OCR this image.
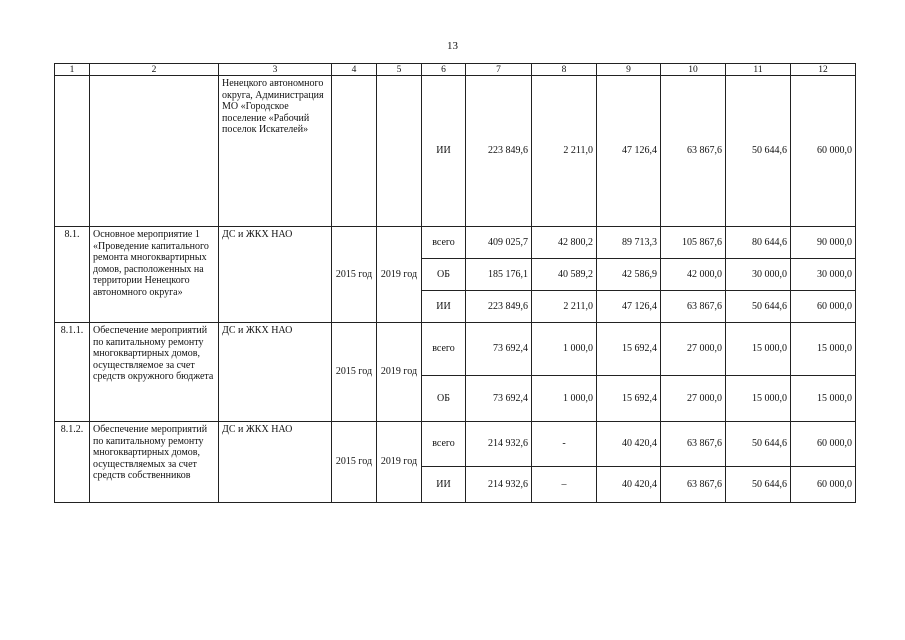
13
1	2	3	4	5	6	7	8	9	10	11	12
		Ненецкого автономного округа, Администрация МО «Городское поселение «Рабочий поселок Искателей»			ИИ	223 849,6	2 211,0	47 126,4	63 867,6	50 644,6	60 000,0
8.1.	Основное мероприятие 1 «Проведение капитального ремонта многоквартирных домов, расположенных на территории Ненецкого автономного округа»	ДС и ЖКХ НАО	2015 год	2019 год	всего	409 025,7	42 800,2	89 713,3	105 867,6	80 644,6	90 000,0
					ОБ	185 176,1	40 589,2	42 586,9	42 000,0	30 000,0	30 000,0
					ИИ	223 849,6	2 211,0	47 126,4	63 867,6	50 644,6	60 000,0
8.1.1.	Обеспечение мероприятий по капитальному ремонту многоквартирных домов, осуществляемое за счет средств окружного бюджета	ДС и ЖКХ НАО	2015 год	2019 год	всего	73 692,4	1 000,0	15 692,4	27 000,0	15 000,0	15 000,0
					ОБ	73 692,4	1 000,0	15 692,4	27 000,0	15 000,0	15 000,0
8.1.2.	Обеспечение мероприятий по капитальному ремонту многоквартирных домов, осуществляемых за счет средств собственников	ДС и ЖКХ НАО	2015 год	2019 год	всего	214 932,6	-	40 420,4	63 867,6	50 644,6	60 000,0
					ИИ	214 932,6	–	40 420,4	63 867,6	50 644,6	60 000,0
